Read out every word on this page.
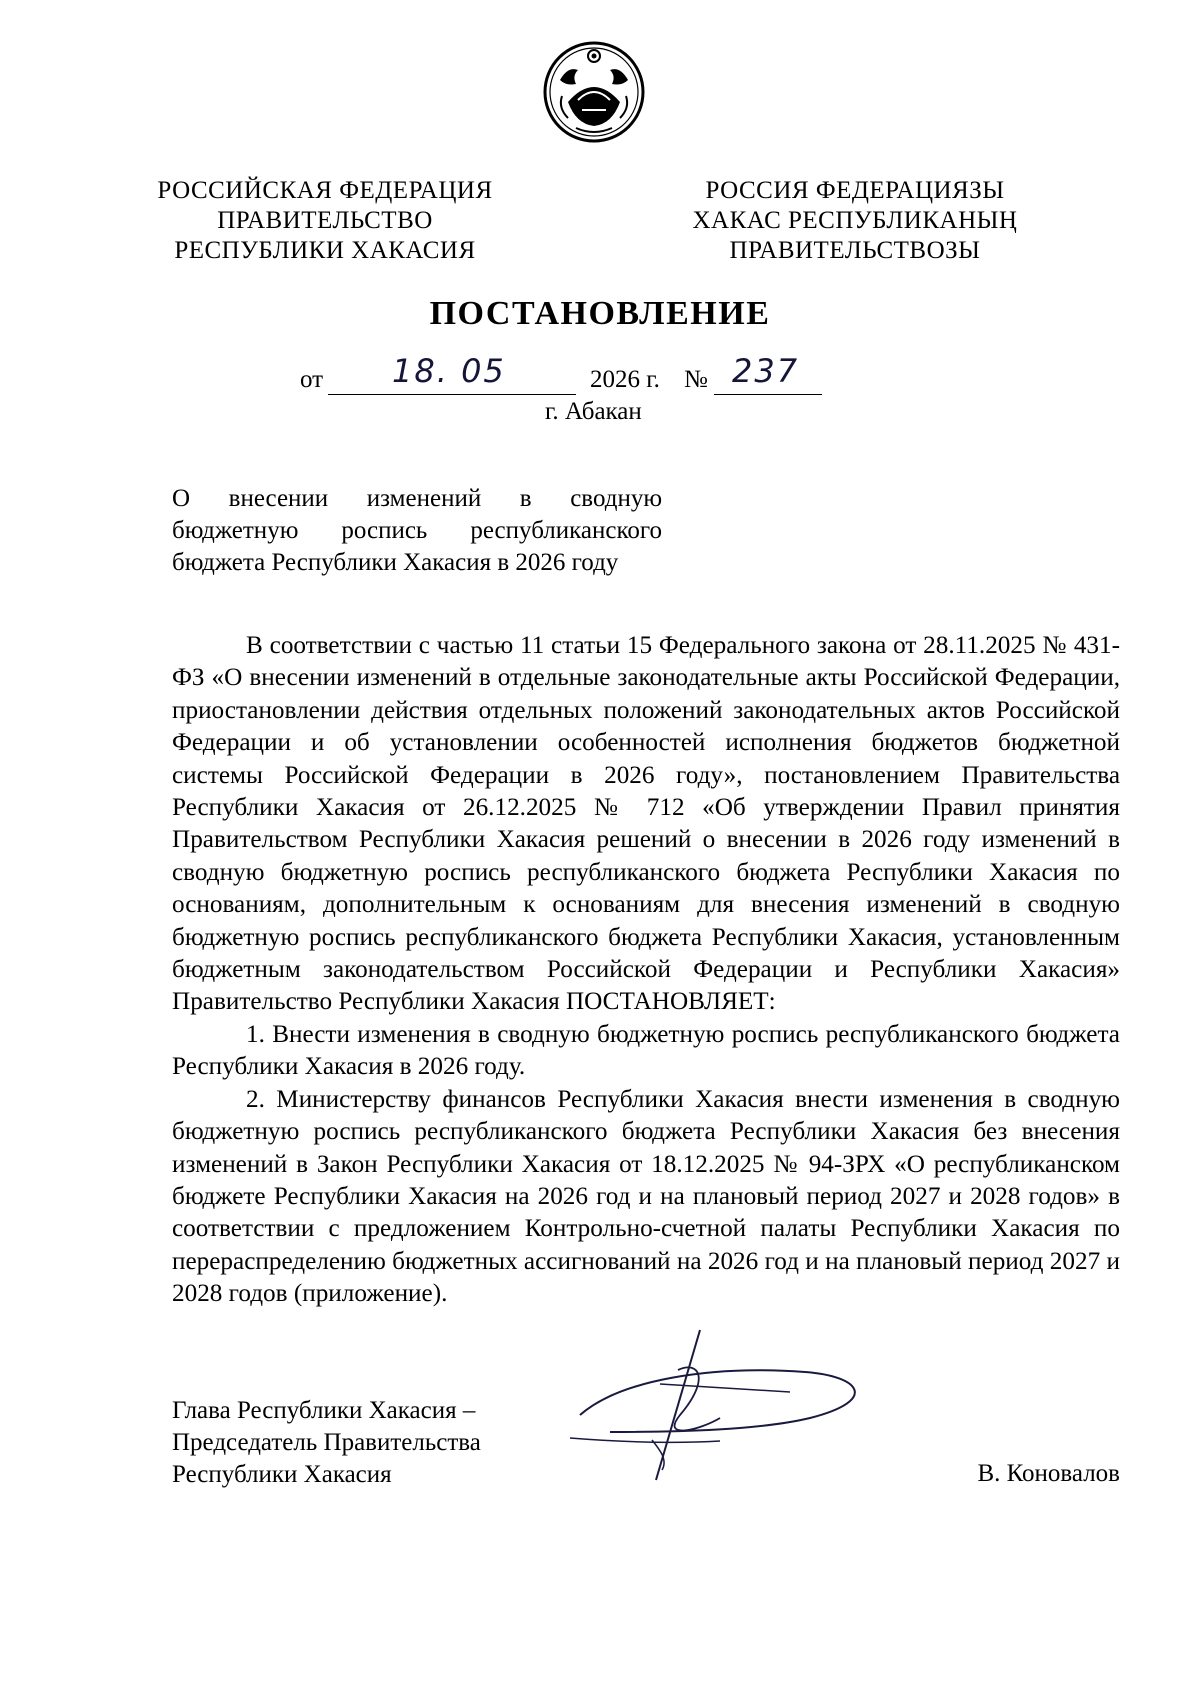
РОССИЙСКАЯ ФЕДЕРАЦИЯ
ПРАВИТЕЛЬСТВО
РЕСПУБЛИКИ ХАКАСИЯ
РОССИЯ ФЕДЕРАЦИЯЗЫ
ХАКАС РЕСПУБЛИКАНЫҢ
ПРАВИТЕЛЬСТВОЗЫ
ПОСТАНОВЛЕНИЕ
от 18. 05	2026 г. № 237
г. Абакан
О внесении изменений в сводную
бюджетную роспись республиканского
бюджета Республики Хакасия в 2026 году

В соответствии с частью 11 статьи 15 Федерального закона от 28.11.2025 № 431-ФЗ «О внесении изменений в отдельные законодательные акты Российской Федерации, приостановлении действия отдельных положений законодательных актов Российской Федерации и об установлении особенностей исполнения бюджетов бюджетной системы Российской Федерации в 2026 году», постановлением Правительства Республики Хакасия от 26.12.2025 № 712 «Об утверждении Правил принятия Правительством Республики Хакасия решений о внесении в 2026 году изменений в сводную бюджетную роспись республиканского бюджета Республики Хакасия по основаниям, дополнительным к основаниям для внесения изменений в сводную бюджетную роспись республиканского бюджета Республики Хакасия, установленным бюджетным законодательством Российской Федерации и Республики Хакасия» Правительство Республики Хакасия ПОСТАНОВЛЯЕТ:

1. Внести изменения в сводную бюджетную роспись республиканского бюджета Республики Хакасия в 2026 году.

2. Министерству финансов Республики Хакасия внести изменения в сводную бюджетную роспись республиканского бюджета Республики Хакасия без внесения изменений в Закон Республики Хакасия от 18.12.2025 № 94-ЗРХ «О республиканском бюджете Республики Хакасия на 2026 год и на плановый период 2027 и 2028 годов» в соответствии с предложением Контрольно-счетной палаты Республики Хакасия по перераспределению бюджетных ассигнований на 2026 год и на плановый период 2027 и 2028 годов (приложение).

Глава Республики Хакасия –
Председатель Правительства
Республики Хакасия	В. Коновалов
